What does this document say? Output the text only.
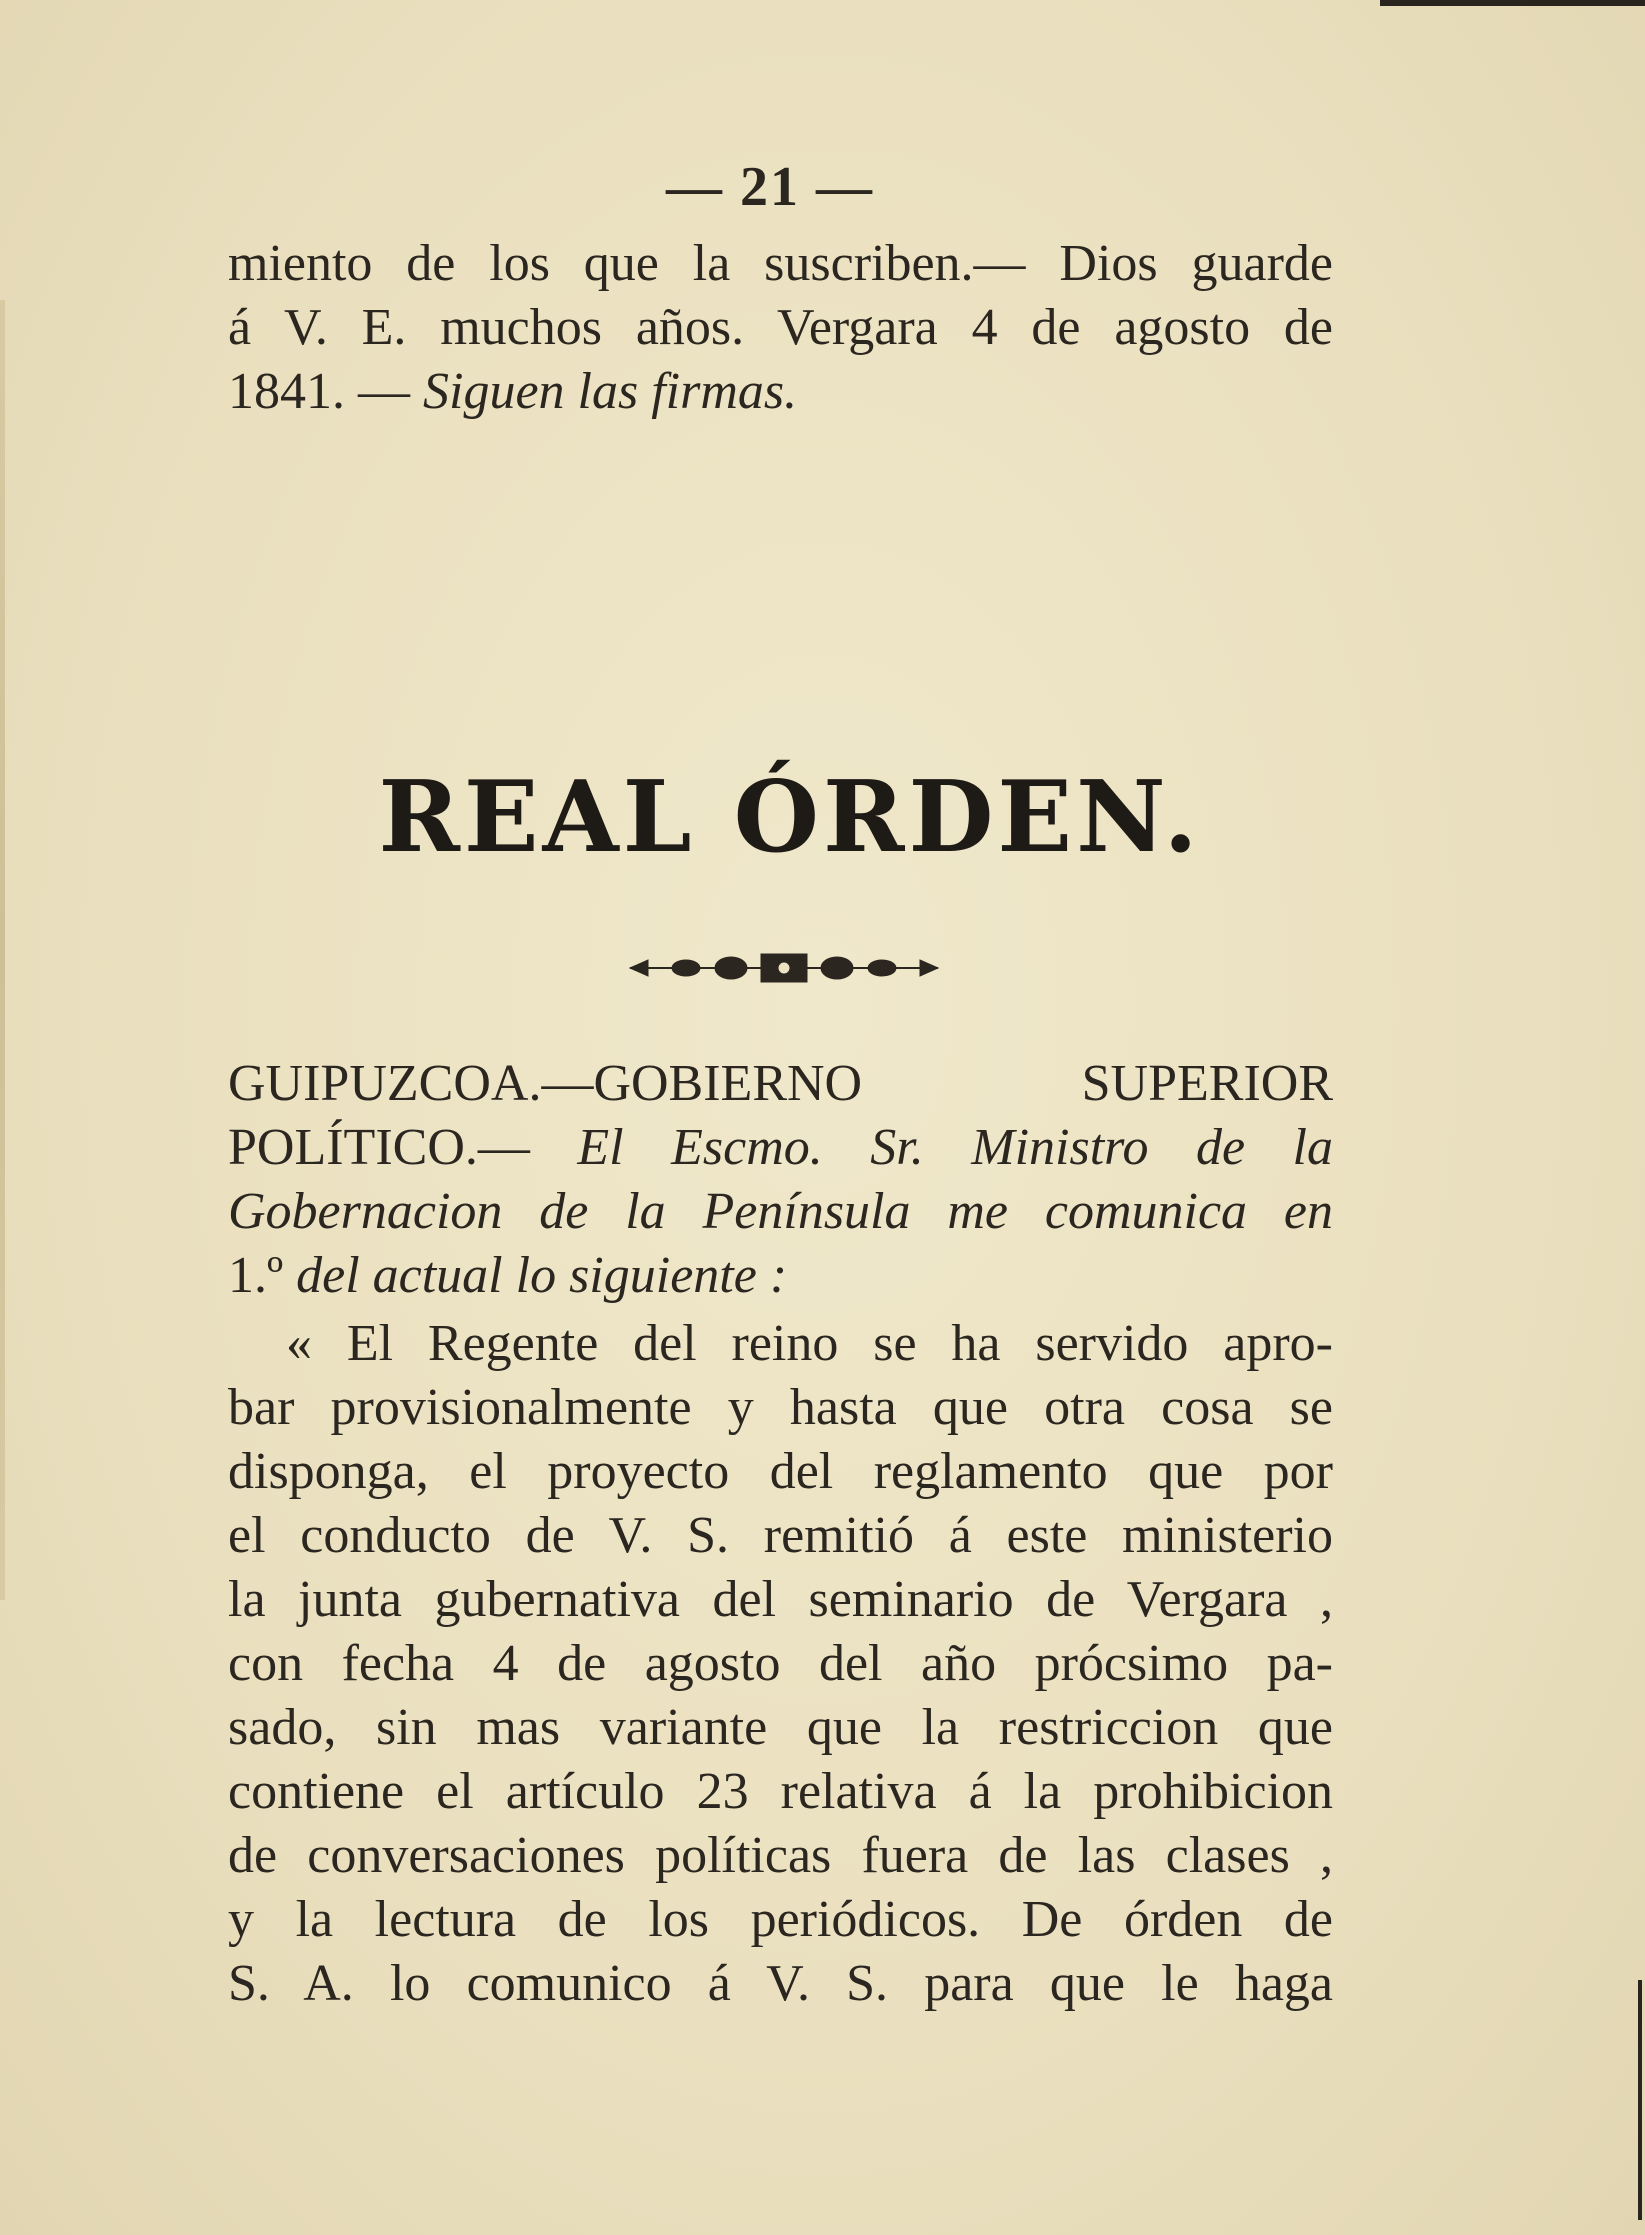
— 21 —
miento de los que la suscriben.— Dios guarde
á V. E. muchos años. Vergara 4 de agosto de
1841. — Siguen las firmas.
REAL ÓRDEN.
GUIPUZCOA.—GOBIERNO SUPERIOR
POLÍTICO.— El Escmo. Sr. Ministro de la
Gobernacion de la Península me comunica en
1.º del actual lo siguiente :
« El Regente del reino se ha servido apro-
bar provisionalmente y hasta que otra cosa se
disponga, el proyecto del reglamento que por
el conducto de V. S. remitió á este ministerio
la junta gubernativa del seminario de Vergara ,
con fecha 4 de agosto del año prócsimo pa-
sado, sin mas variante que la restriccion que
contiene el artículo 23 relativa á la prohibicion
de conversaciones políticas fuera de las clases ,
y la lectura de los periódicos. De órden de
S. A. lo comunico á V. S. para que le haga
